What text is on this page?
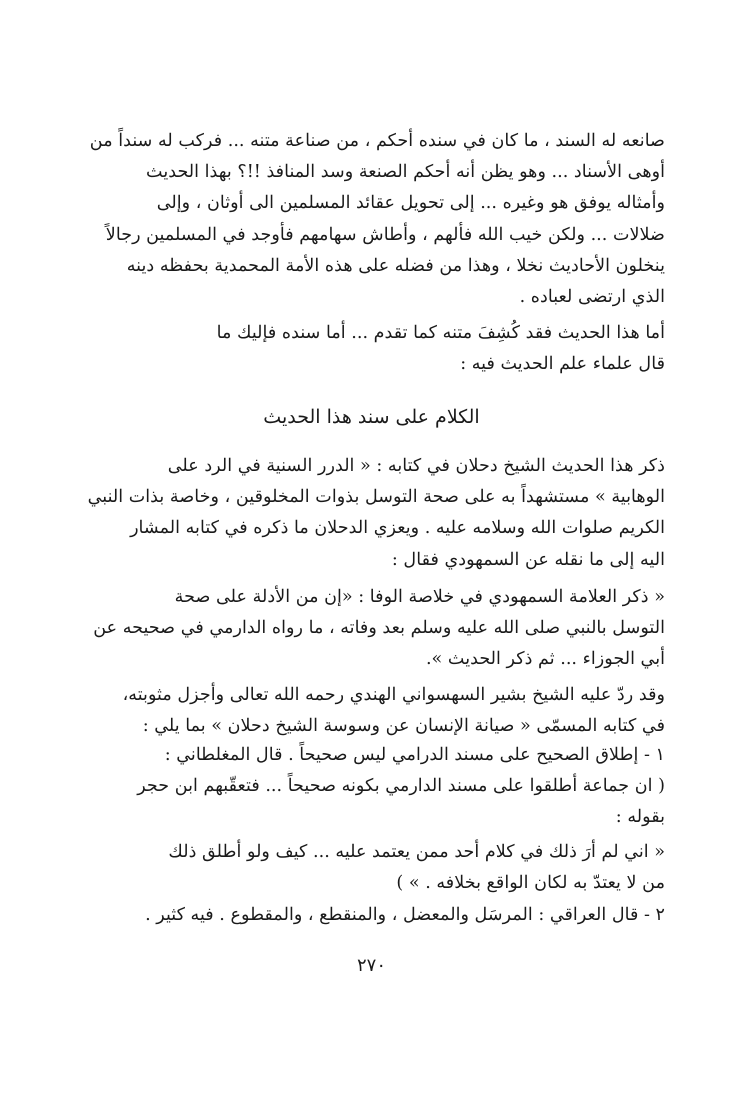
صانعه له السند ، ما كان في سنده أحكم ، من صناعة متنه ... فركب له سنداً من
أوهى الأسناد ... وهو يظن أنه أحكم الصنعة وسد المنافذ !!؟ بهذا الحديث
وأمثاله يوفق هو وغيره ... إلى تحويل عقائد المسلمين الى أوثان ، وإلى
ضلالات ... ولكن خيب الله فألهم ، وأطاش سهامهم فأوجد في المسلمين رجالاً
ينخلون الأحاديث نخلا ، وهذا من فضله على هذه الأمة المحمدية بحفظه دينه
الذي ارتضى لعباده .
أما هذا الحديث فقد كُشِفَ متنه كما تقدم ... أما سنده فإليك ما
قال علماء علم الحديث فيه :
الكلام على سند هذا الحديث
ذكر هذا الحديث الشيخ دحلان في كتابه : « الدرر السنية في الرد على
الوهابية » مستشهداً به على صحة التوسل بذوات المخلوقين ، وخاصة بذات النبي
الكريم صلوات الله وسلامه عليه . ويعزي الدحلان ما ذكره في كتابه المشار
اليه إلى ما نقله عن السمهودي فقال :
« ذكر العلامة السمهودي في خلاصة الوفا : «إن من الأدلة على صحة
التوسل بالنبي صلى الله عليه وسلم بعد وفاته ، ما رواه الدارمي في صحيحه عن
أبي الجوزاء ... ثم ذكر الحديث ».
وقد ردّ عليه الشيخ بشير السهسواني الهندي رحمه الله تعالى وأجزل مثوبته،
في كتابه المسمّى « صيانة الإنسان عن وسوسة الشيخ دحلان » بما يلي :
١ - إطلاق الصحيح على مسند الدرامي ليس صحيحاً . قال المغلطاني :
( ان جماعة أطلقوا على مسند الدارمي بكونه صحيحاً ... فتعقّبهم ابن حجر
بقوله :
« اني لم أرَ ذلك في كلام أحد ممن يعتمد عليه ... كيف ولو أطلق ذلك
من لا يعتدّ به لكان الواقع بخلافه . » )
٢ - قال العراقي : المرسَل والمعضل ، والمنقطع ، والمقطوع . فيه كثير .
٢٧٠
